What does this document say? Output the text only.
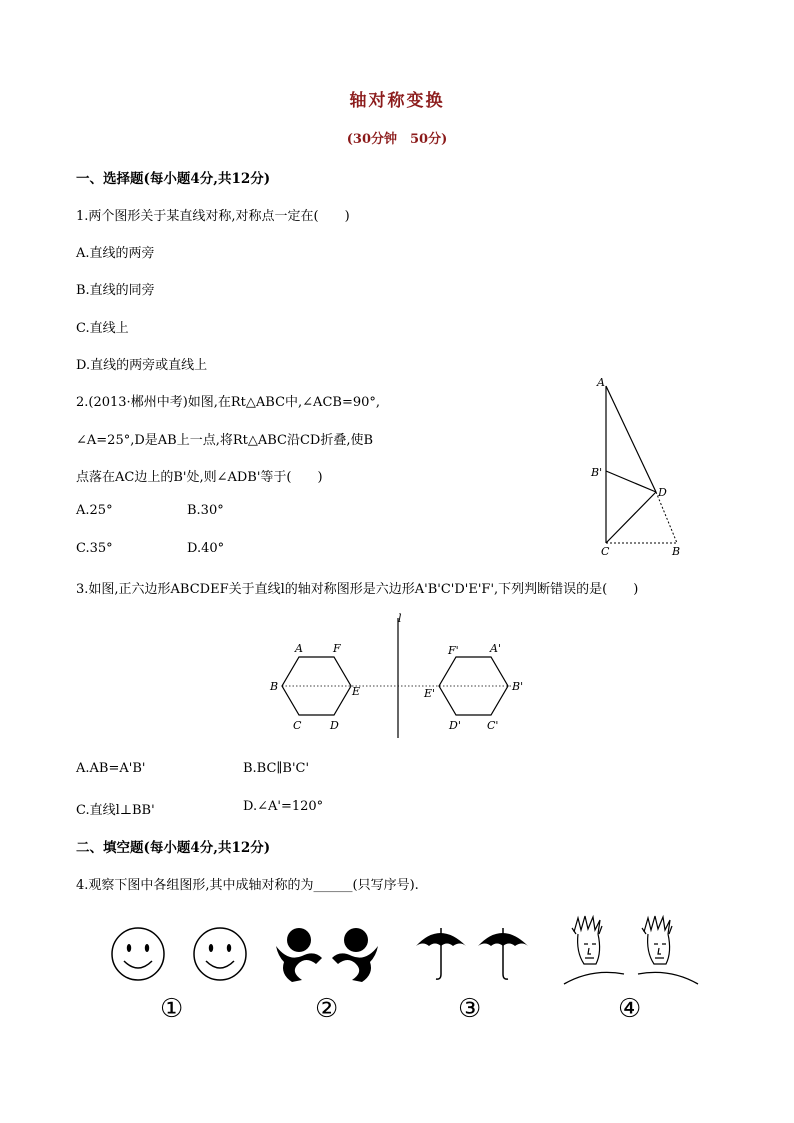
轴对称变换
(30分钟　50分)
一、选择题(每小题4分,共12分)
1.两个图形关于某直线对称,对称点一定在(　　)
A.直线的两旁
B.直线的同旁
C.直线上
D.直线的两旁或直线上
2.(2013·郴州中考)如图,在Rt△ABC中,∠ACB=90°,
∠A=25°,D是AB上一点,将Rt△ABC沿CD折叠,使B
点落在AC边上的B'处,则∠ADB'等于(　　)
A.25°	B.30°
C.35°	D.40°
A
B'
D
C	B
3.如图,正六边形ABCDEF关于直线l的轴对称图形是六边形A'B'C'D'E'F',下列判断错误的是(　　)
l
A	F
B	E
C	D
F'	A'
E'
B'
D' C'
A.AB=A'B'	B.BC∥B'C'
C.直线l⊥BB'	D.∠A'=120°
二、填空题(每小题4分,共12分)
4.观察下图中各组图形,其中成轴对称的为______(只写序号).
①	②	③	④
